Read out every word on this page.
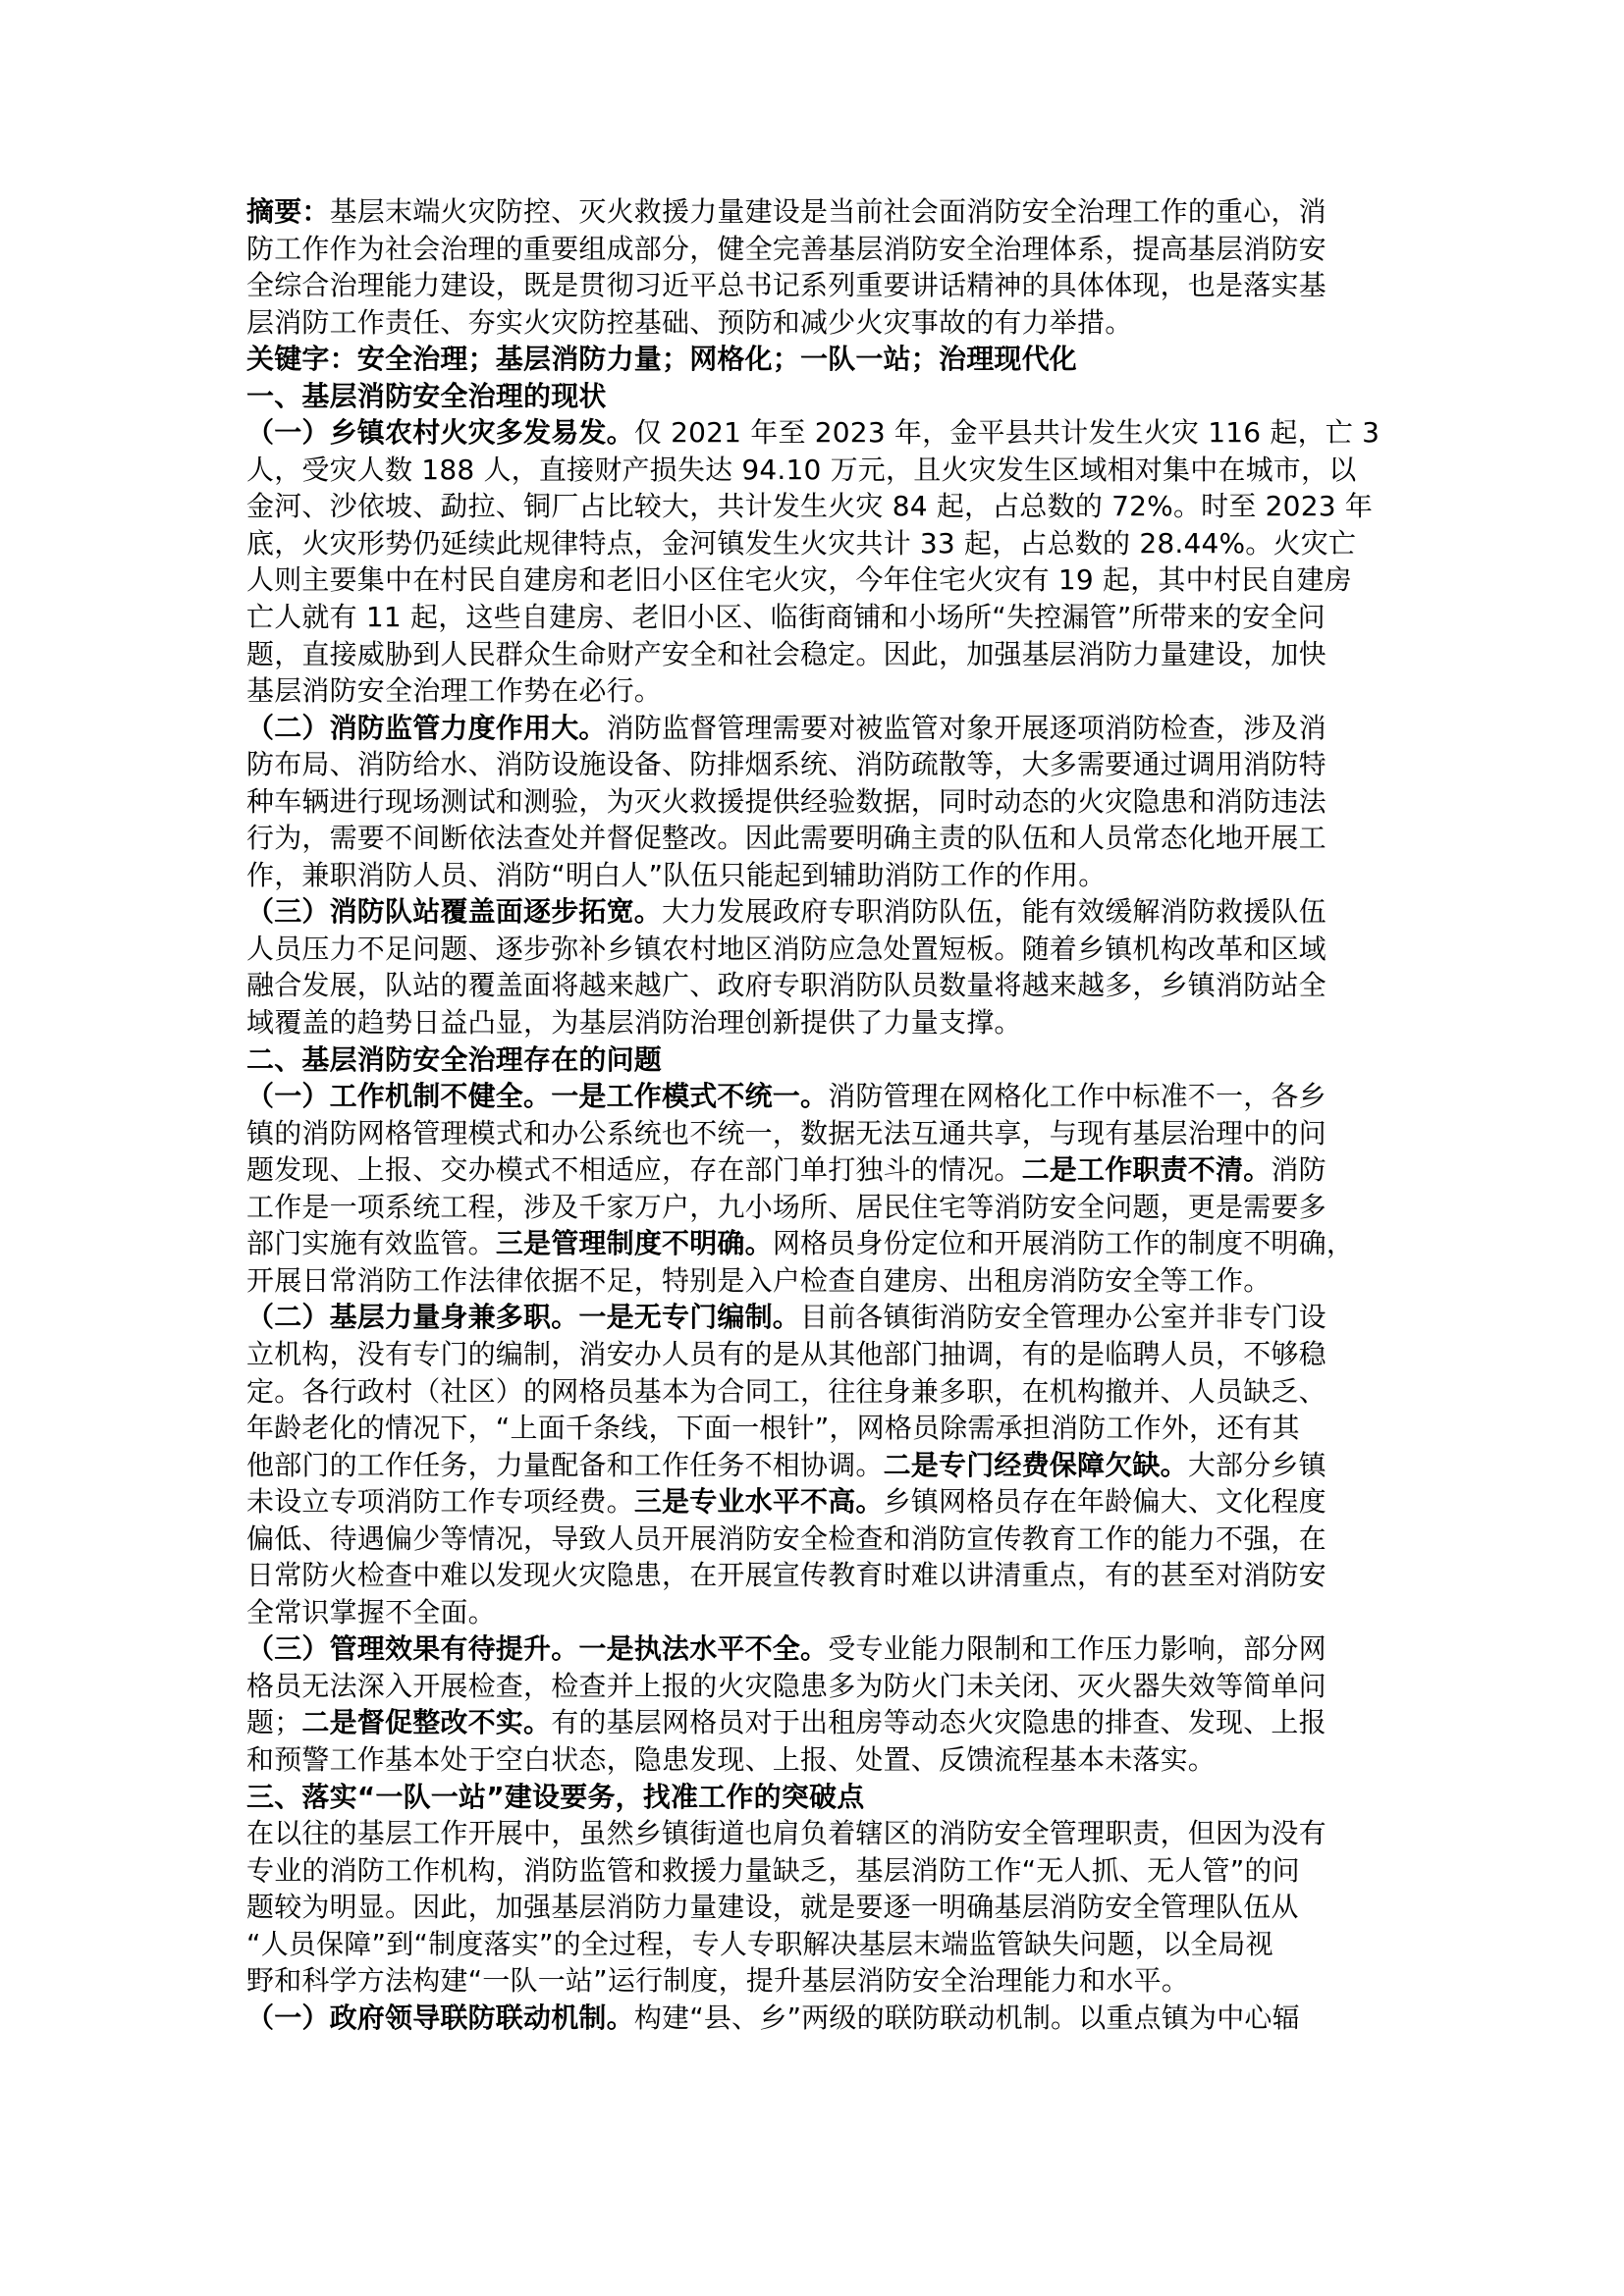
摘要：基层末端火灾防控、灭火救援力量建设是当前社会面消防安全治理工作的重心，消
防工作作为社会治理的重要组成部分，健全完善基层消防安全治理体系，提高基层消防安
全综合治理能力建设，既是贯彻习近平总书记系列重要讲话精神的具体体现，也是落实基
层消防工作责任、夯实火灾防控基础、预防和减少火灾事故的有力举措。
关键字：安全治理；基层消防力量；网格化；一队一站；治理现代化
一、基层消防安全治理的现状
（一）乡镇农村火灾多发易发。仅 2021 年至 2023 年，金平县共计发生火灾 116 起，亡 3
人，受灾人数 188 人，直接财产损失达 94.10 万元，且火灾发生区域相对集中在城市，以
金河、沙依坡、勐拉、铜厂占比较大，共计发生火灾 84 起，占总数的 72%。时至 2023 年
底，火灾形势仍延续此规律特点，金河镇发生火灾共计 33 起，占总数的 28.44%。火灾亡
人则主要集中在村民自建房和老旧小区住宅火灾，今年住宅火灾有 19 起，其中村民自建房
亡人就有 11 起，这些自建房、老旧小区、临街商铺和小场所“失控漏管”所带来的安全问
题，直接威胁到人民群众生命财产安全和社会稳定。因此，加强基层消防力量建设，加快
基层消防安全治理工作势在必行。
（二）消防监管力度作用大。消防监督管理需要对被监管对象开展逐项消防检查，涉及消
防布局、消防给水、消防设施设备、防排烟系统、消防疏散等，大多需要通过调用消防特
种车辆进行现场测试和测验，为灭火救援提供经验数据，同时动态的火灾隐患和消防违法
行为，需要不间断依法查处并督促整改。因此需要明确主责的队伍和人员常态化地开展工
作，兼职消防人员、消防“明白人”队伍只能起到辅助消防工作的作用。
（三）消防队站覆盖面逐步拓宽。大力发展政府专职消防队伍，能有效缓解消防救援队伍
人员压力不足问题、逐步弥补乡镇农村地区消防应急处置短板。随着乡镇机构改革和区域
融合发展，队站的覆盖面将越来越广、政府专职消防队员数量将越来越多，乡镇消防站全
域覆盖的趋势日益凸显，为基层消防治理创新提供了力量支撑。
二、基层消防安全治理存在的问题
（一）工作机制不健全。一是工作模式不统一。消防管理在网格化工作中标准不一，各乡
镇的消防网格管理模式和办公系统也不统一，数据无法互通共享，与现有基层治理中的问
题发现、上报、交办模式不相适应，存在部门单打独斗的情况。二是工作职责不清。消防
工作是一项系统工程，涉及千家万户，九小场所、居民住宅等消防安全问题，更是需要多
部门实施有效监管。三是管理制度不明确。网格员身份定位和开展消防工作的制度不明确，
开展日常消防工作法律依据不足，特别是入户检查自建房、出租房消防安全等工作。
（二）基层力量身兼多职。一是无专门编制。目前各镇街消防安全管理办公室并非专门设
立机构，没有专门的编制，消安办人员有的是从其他部门抽调，有的是临聘人员，不够稳
定。各行政村（社区）的网格员基本为合同工，往往身兼多职，在机构撤并、人员缺乏、
年龄老化的情况下，“上面千条线，下面一根针”，网格员除需承担消防工作外，还有其
他部门的工作任务，力量配备和工作任务不相协调。二是专门经费保障欠缺。大部分乡镇
未设立专项消防工作专项经费。三是专业水平不高。乡镇网格员存在年龄偏大、文化程度
偏低、待遇偏少等情况，导致人员开展消防安全检查和消防宣传教育工作的能力不强，在
日常防火检查中难以发现火灾隐患，在开展宣传教育时难以讲清重点，有的甚至对消防安
全常识掌握不全面。
（三）管理效果有待提升。一是执法水平不全。受专业能力限制和工作压力影响，部分网
格员无法深入开展检查，检查并上报的火灾隐患多为防火门未关闭、灭火器失效等简单问
题；二是督促整改不实。有的基层网格员对于出租房等动态火灾隐患的排查、发现、上报
和预警工作基本处于空白状态，隐患发现、上报、处置、反馈流程基本未落实。
三、落实“一队一站”建设要务，找准工作的突破点
在以往的基层工作开展中，虽然乡镇街道也肩负着辖区的消防安全管理职责，但因为没有
专业的消防工作机构，消防监管和救援力量缺乏，基层消防工作“无人抓、无人管”的问
题较为明显。因此，加强基层消防力量建设，就是要逐一明确基层消防安全管理队伍从
“人员保障”到“制度落实”的全过程，专人专职解决基层末端监管缺失问题，以全局视
野和科学方法构建“一队一站”运行制度，提升基层消防安全治理能力和水平。
（一）政府领导联防联动机制。构建“县、乡”两级的联防联动机制。以重点镇为中心辐
